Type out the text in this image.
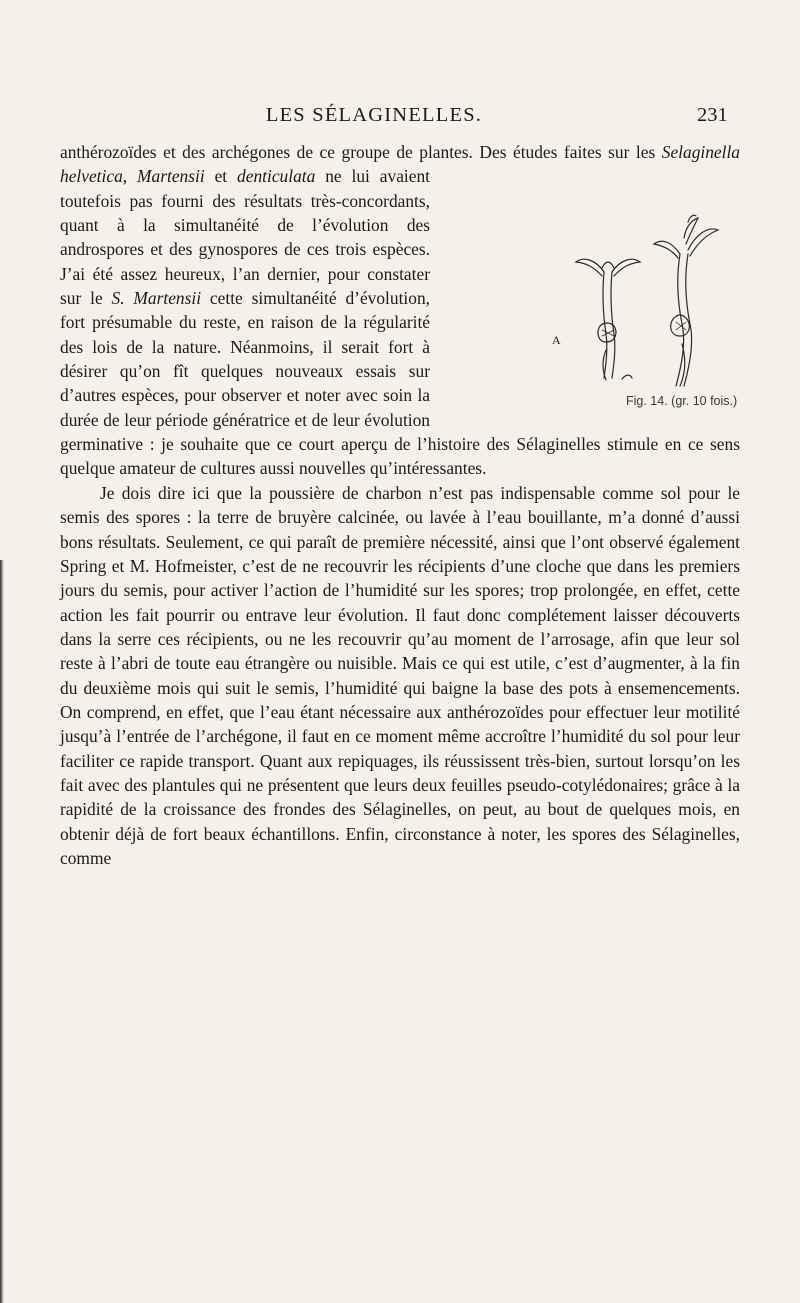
LES SÉLAGINELLES.	231

anthérozoïdes et des archégones de ce groupe de plantes. Des études faites sur les Selaginella helvetica, Martensii et denticulata
A
Fig. 14. (gr. 10 fois.)
ne lui avaient toutefois pas fourni des résultats très-concordants, quant à la simultanéité de l’évolution des androspores et des gynospores de ces trois espèces. J’ai été assez heureux, l’an dernier, pour constater sur le S. Martensii cette simultanéité d’évolution, fort présumable du reste, en raison de la régularité des lois de la nature. Néanmoins, il serait fort à désirer qu’on fît quelques nouveaux essais sur d’autres espèces, pour observer et noter avec soin la durée de leur période génératrice et de leur évolution germinative : je souhaite que ce court aperçu de l’histoire des Sélaginelles stimule en ce sens quelque amateur de cultures aussi nouvelles qu’intéressantes.

Je dois dire ici que la poussière de charbon n’est pas indispensable comme sol pour le semis des spores : la terre de bruyère calcinée, ou lavée à l’eau bouillante, m’a donné d’aussi bons résultats. Seulement, ce qui paraît de première nécessité, ainsi que l’ont observé également Spring et M. Hofmeister, c’est de ne recouvrir les récipients d’une cloche que dans les premiers jours du semis, pour activer l’action de l’humidité sur les spores; trop prolongée, en effet, cette action les fait pourrir ou entrave leur évolution. Il faut donc complétement laisser découverts dans la serre ces récipients, ou ne les recouvrir qu’au moment de l’arrosage, afin que leur sol reste à l’abri de toute eau étrangère ou nuisible. Mais ce qui est utile, c’est d’augmenter, à la fin du deuxième mois qui suit le semis, l’humidité qui baigne la base des pots à ensemencements. On comprend, en effet, que l’eau étant nécessaire aux anthérozoïdes pour effectuer leur motilité jusqu’à l’entrée de l’archégone, il faut en ce moment même accroître l’humidité du sol pour leur faciliter ce rapide transport. Quant aux repiquages, ils réussissent très-bien, surtout lorsqu’on les fait avec des plantules qui ne présentent que leurs deux feuilles pseudo-cotylédonaires; grâce à la rapidité de la croissance des frondes des Sélaginelles, on peut, au bout de quelques mois, en obtenir déjà de fort beaux échantillons. Enfin, circonstance à noter, les spores des Sélaginelles, comme
